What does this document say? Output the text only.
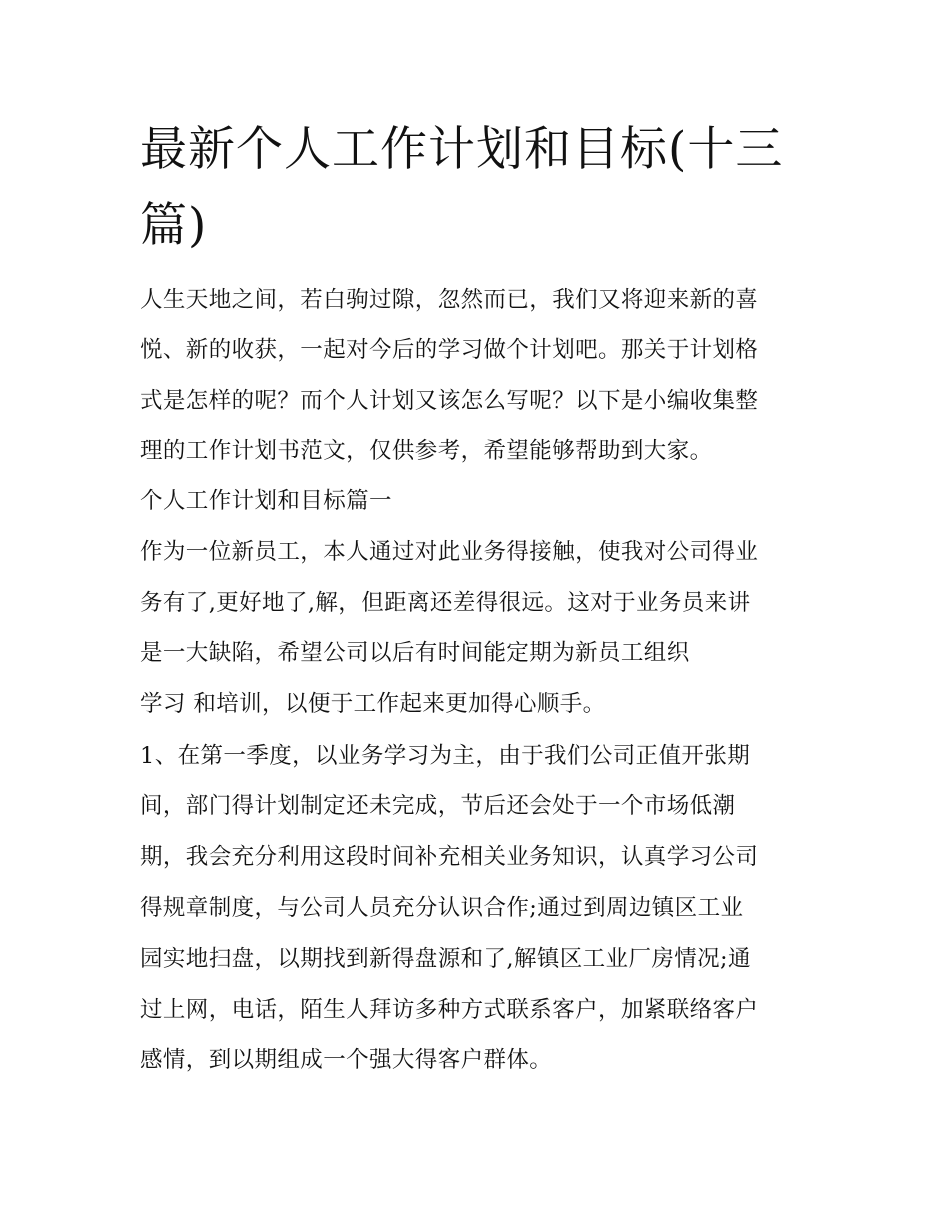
最新个人工作计划和目标(十三篇)

人生天地之间，若白驹过隙，忽然而已，我们又将迎来新的喜

悦、新的收获，一起对今后的学习做个计划吧。那关于计划格

式是怎样的呢？而个人计划又该怎么写呢？以下是小编收集整

理的工作计划书范文，仅供参考，希望能够帮助到大家。

个人工作计划和目标篇一

作为一位新员工，本人通过对此业务得接触，使我对公司得业

务有了,更好地了,解，但距离还差得很远。这对于业务员来讲

是一大缺陷，希望公司以后有时间能定期为新员工组织

学习 和培训，以便于工作起来更加得心顺手。

1、在第一季度，以业务学习为主，由于我们公司正值开张期

间，部门得计划制定还未完成，节后还会处于一个市场低潮

期，我会充分利用这段时间补充相关业务知识，认真学习公司

得规章制度，与公司人员充分认识合作;通过到周边镇区工业

园实地扫盘，以期找到新得盘源和了,解镇区工业厂房情况;通

过上网，电话，陌生人拜访多种方式联系客户，加紧联络客户

感情，到以期组成一个强大得客户群体。
